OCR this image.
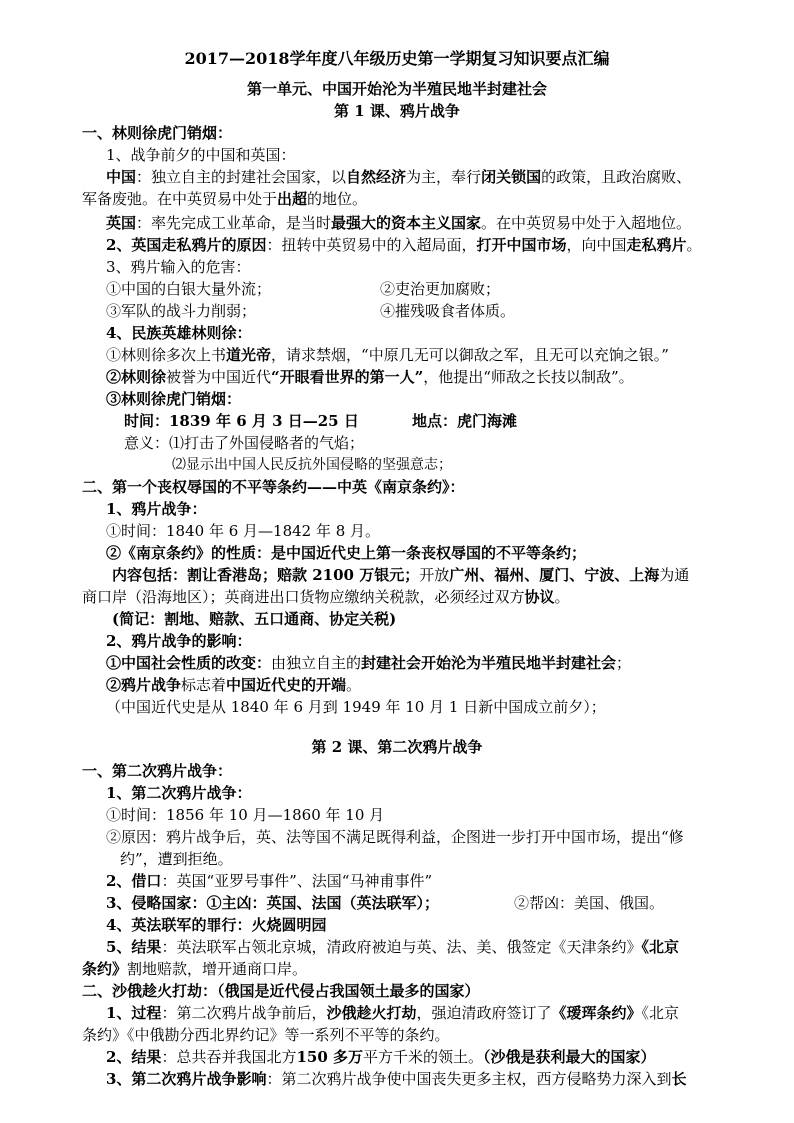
2017—2018学年度八年级历史第一学期复习知识要点汇编
第一单元、中国开始沦为半殖民地半封建社会
第 1 课、鸦片战争
一、林则徐虎门销烟：
1、战争前夕的中国和英国：
中国：独立自主的封建社会国家，以自然经济为主，奉行闭关锁国的政策，且政治腐败、
军备废弛。在中英贸易中处于出超的地位。
英国：率先完成工业革命，是当时最强大的资本主义国家。在中英贸易中处于入超地位。
2、英国走私鸦片的原因：扭转中英贸易中的入超局面，打开中国市场，向中国走私鸦片。
3、鸦片输入的危害：
①中国的白银大量外流；	②吏治更加腐败；
③军队的战斗力削弱；	④摧残吸食者体质。
4、民族英雄林则徐：
①林则徐多次上书道光帝，请求禁烟，“中原几无可以御敌之军，且无可以充饷之银。”
②林则徐被誉为中国近代“开眼看世界的第一人”，他提出“师敌之长技以制敌”。
③林则徐虎门销烟：
时间：1839 年 6 月 3 日—25 日	地点：虎门海滩
意义：⑴打击了外国侵略者的气焰；
⑵显示出中国人民反抗外国侵略的坚强意志；
二、第一个丧权辱国的不平等条约——中英《南京条约》：
1、鸦片战争：
①时间：1840 年 6 月—1842 年 8 月。
②《南京条约》的性质：是中国近代史上第一条丧权辱国的不平等条约；
内容包括：割让香港岛；赔款 2100 万银元；开放广州、福州、厦门、宁波、上海为通
商口岸（沿海地区）；英商进出口货物应缴纳关税款，必须经过双方协议。
(简记：割地、赔款、五口通商、协定关税)
2、鸦片战争的影响：
①中国社会性质的改变：由独立自主的封建社会开始沦为半殖民地半封建社会；
②鸦片战争标志着中国近代史的开端。
（中国近代史是从 1840 年 6 月到 1949 年 10 月 1 日新中国成立前夕）；
第 2 课、第二次鸦片战争
一、第二次鸦片战争：
1、第二次鸦片战争：
①时间：1856 年 10 月—1860 年 10 月
②原因：鸦片战争后，英、法等国不满足既得利益，企图进一步打开中国市场，提出“修
约”，遭到拒绝。
2、借口：英国“亚罗号事件”、法国“马神甫事件”
3、侵略国家：①主凶：英国、法国（英法联军）；	②帮凶：美国、俄国。
4、英法联军的罪行：火烧圆明园
5、结果：英法联军占领北京城，清政府被迫与英、法、美、俄签定《天津条约》《北京
条约》割地赔款，增开通商口岸。
二、沙俄趁火打劫：（俄国是近代侵占我国领土最多的国家）
1、过程：第二次鸦片战争前后，沙俄趁火打劫，强迫清政府签订了《瑷珲条约》《北京
条约》《中俄勘分西北界约记》等一系列不平等的条约。
2、结果：总共吞并我国北方150 多万平方千米的领土。（沙俄是获利最大的国家）
3、第二次鸦片战争影响：第二次鸦片战争使中国丧失更多主权，西方侵略势力深入到长
